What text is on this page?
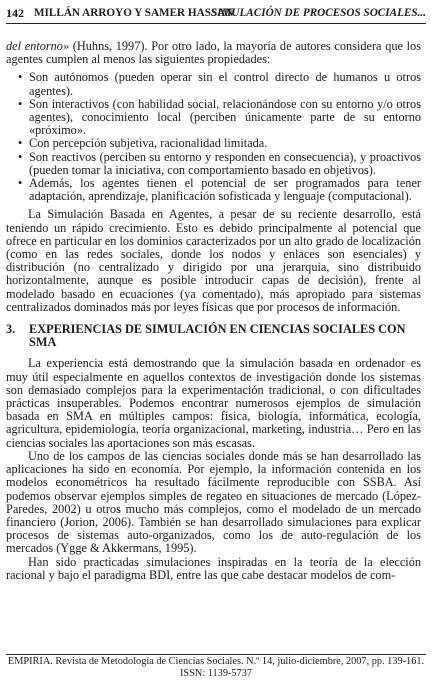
142 MILLÁN ARROYO Y SAMER HASSAN
SIMULACIÓN DE PROCESOS SOCIALES...

del entorno» (Huhns, 1997). Por otro lado, la mayoría de autores considera que los agentes cumplen al menos las siguientes propiedades:

• Son autónomos (pueden operar sin el control directo de humanos u otros agentes).
• Son interactivos (con habilidad social, relacionándose con su entorno y/o otros agentes), conocimiento local (perciben únicamente parte de su entorno «próximo».
• Con percepción subjetiva, racionalidad limitada.
• Son reactivos (perciben su entorno y responden en consecuencia), y proactivos (pueden tomar la iniciativa, con comportamiento basado en objetivos).
• Además, los agentes tienen el potencial de ser programados para tener adaptación, aprendizaje, planificación sofisticada y lenguaje (computacional).

La Simulación Basada en Agentes, a pesar de su reciente desarrollo, está teniendo un rápido crecimiento. Esto es debido principalmente al potencial que ofrece en particular en los dominios caracterizados por un alto grado de localización (como en las redes sociales, donde los nodos y enlaces son esenciales) y distribución (no centralizado y dirigido por una jerarquía, sino distribuido horizontalmente, aunque es posible introducir capas de decisión), frente al modelado basado en ecuaciones (ya comentado), más apropiado para sistemas centralizados dominados más por leyes físicas que por procesos de información.

3. EXPERIENCIAS DE SIMULACIÓN EN CIENCIAS SOCIALES CON SMA

La experiencia está demostrando que la simulación basada en ordenador es muy útil especialmente en aquellos contextos de investigación donde los sistemas son demasiado complejos para la experimentación tradicional, o con dificultades prácticas insuperables. Podemos encontrar numerosos ejemplos de simulación basada en SMA en múltiples campos: física, biología, informática, ecología, agricultura, epidemiología, teoría organizacional, marketing, industria… Pero en las ciencias sociales las aportaciones son más escasas.

Uno de los campos de las ciencias sociales donde más se han desarrollado las aplicaciones ha sido en economía. Por ejemplo, la información contenida en los modelos econométricos ha resultado fácilmente reproducible con SSBA. Así podemos observar ejemplos simples de regateo en situaciones de mercado (López-Paredes, 2002) u otros mucho más complejos, como el modelado de un mercado financiero (Jorion, 2006). También se han desarrollado simulaciones para explicar procesos de sistemas auto-organizados, como los de auto-regulación de los mercados (Ygge & Akkermans, 1995).

Han sido practicadas simulaciones inspiradas en la teoría de la elección racional y bajo el paradigma BDI, entre las que cabe destacar modelos de com-

EMPIRIA. Revista de Metodología de Ciencias Sociales. N.º 14, julio-diciembre, 2007, pp. 139-161.
ISSN: 1139-5737
